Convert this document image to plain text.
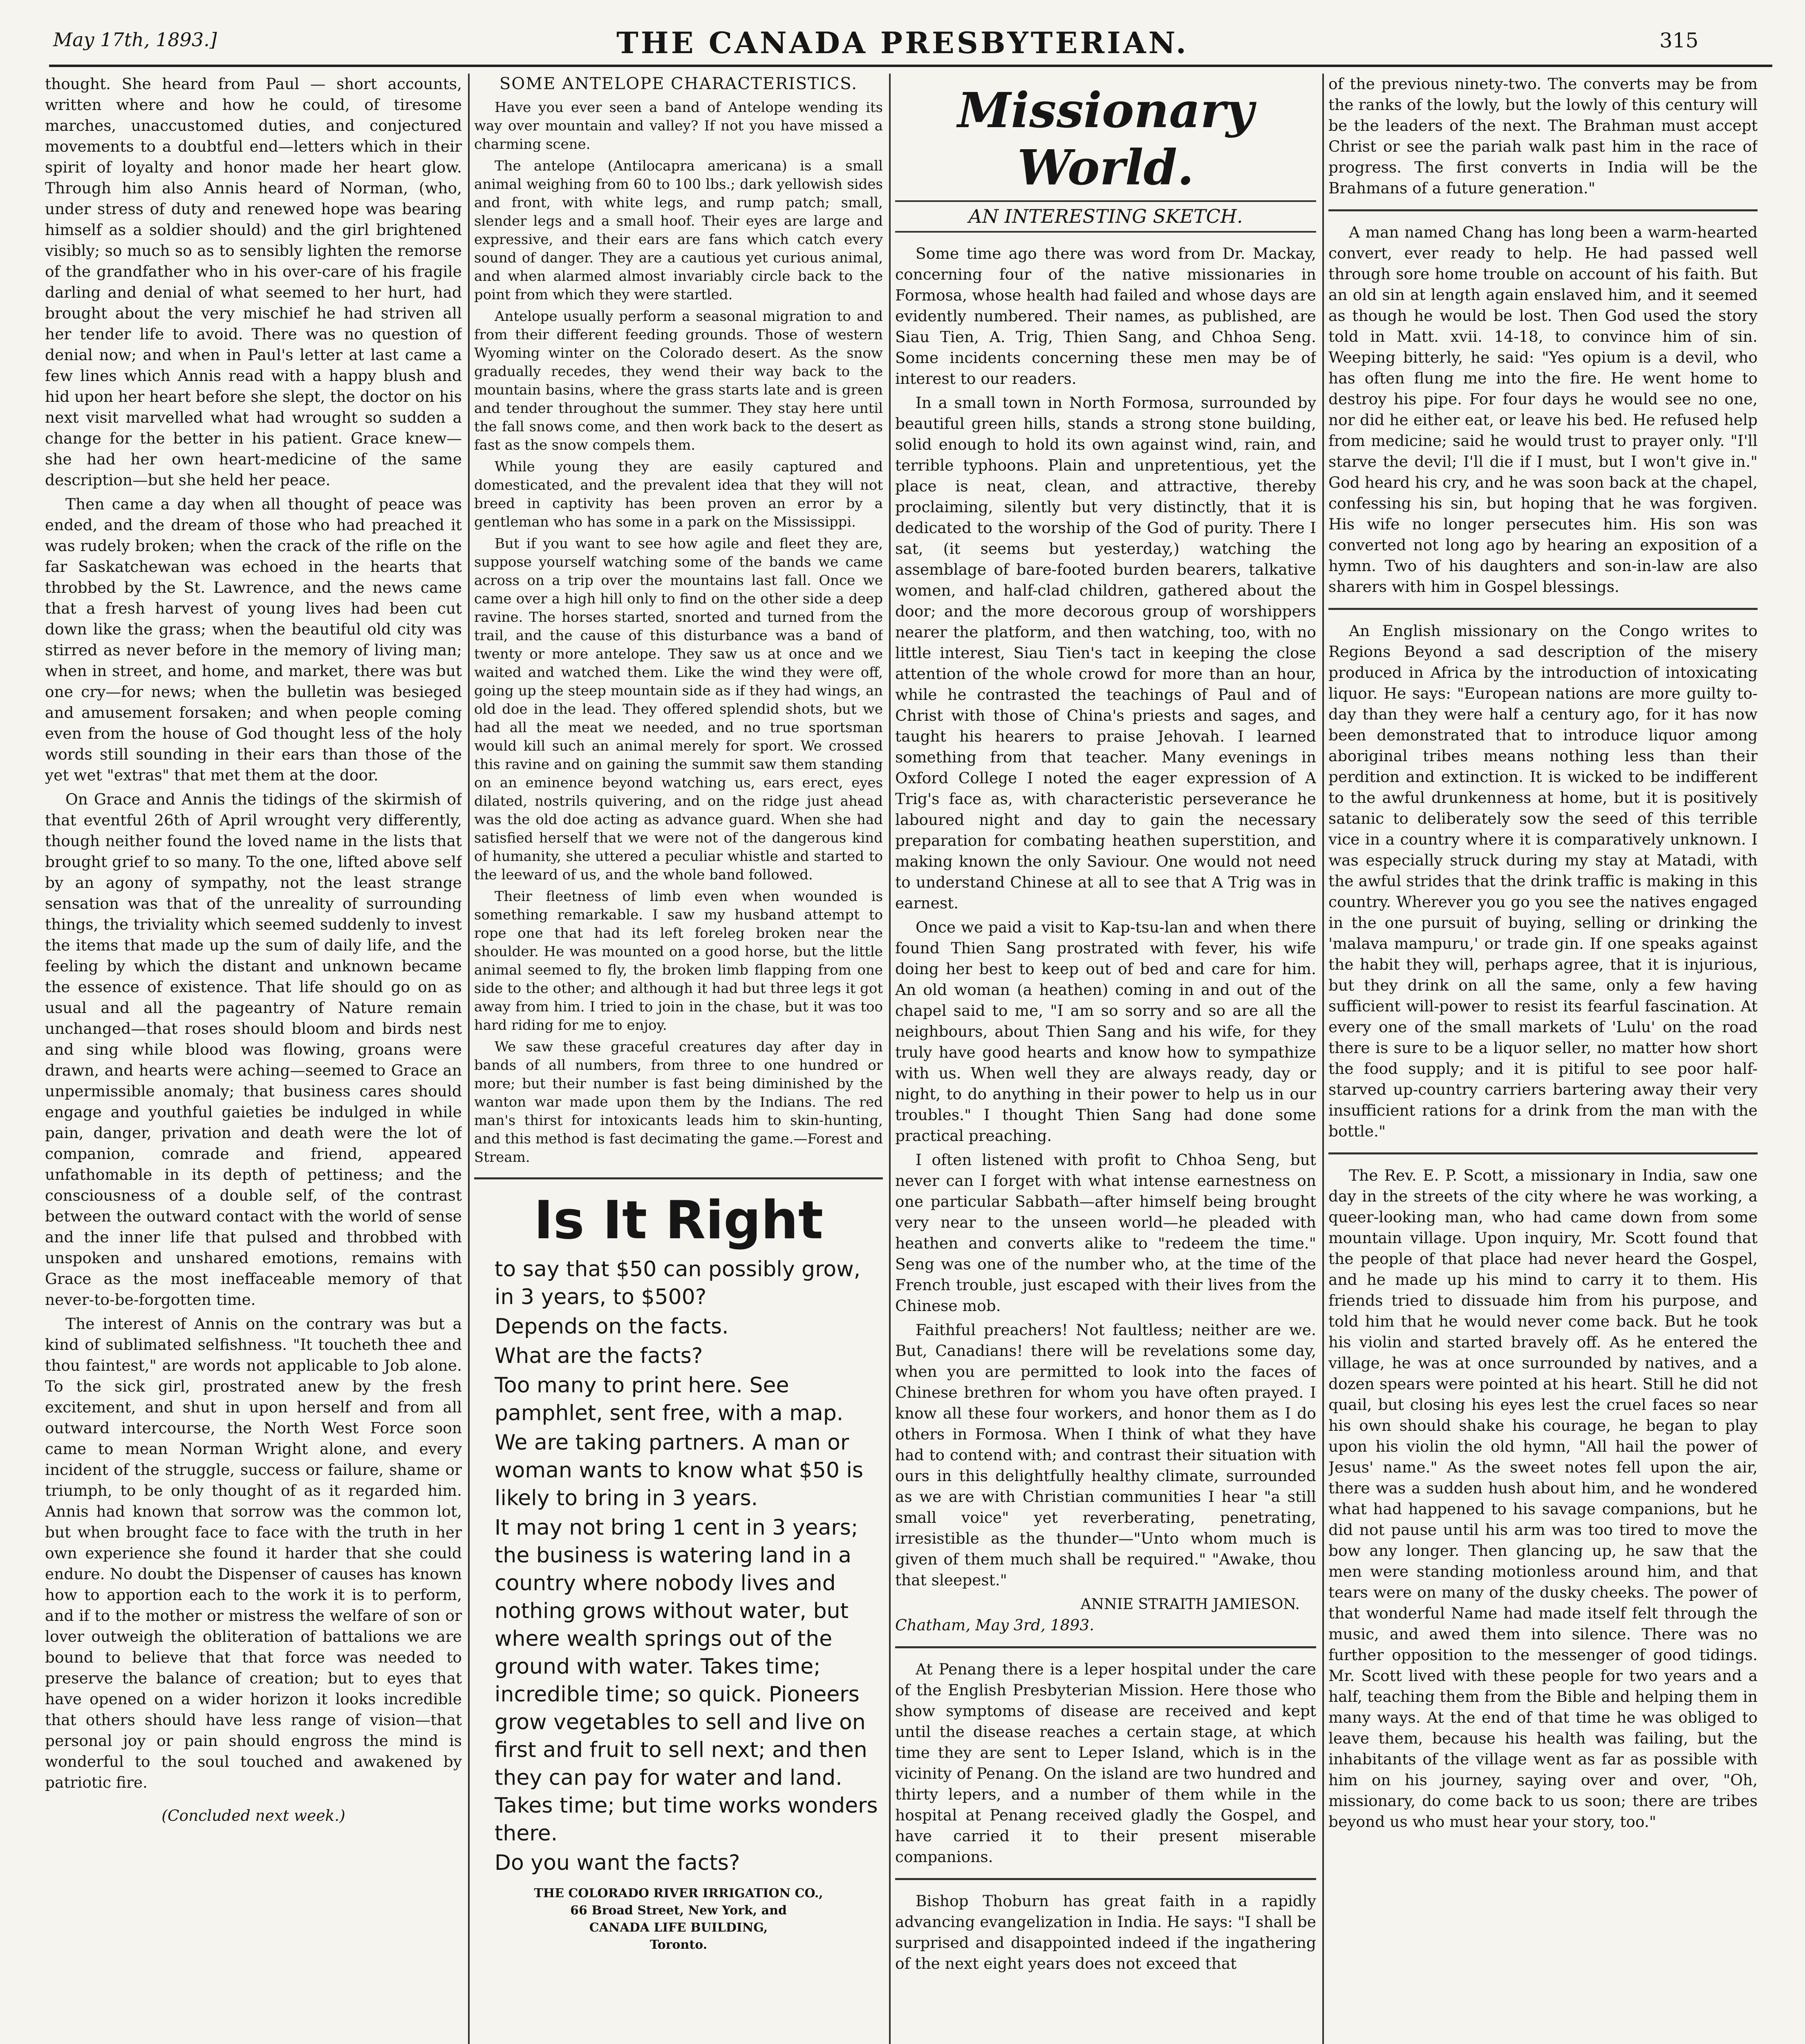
May 17th, 1893.]	THE CANADA PRESBYTERIAN.	315

thought. She heard from Paul — short accounts, written where and how he could, of tiresome marches, unaccustomed duties, and conjectured movements to a doubtful end—letters which in their spirit of loyalty and honor made her heart glow. Through him also Annis heard of Norman, (who, under stress of duty and renewed hope was bearing himself as a soldier should) and the girl brightened visibly; so much so as to sensibly lighten the remorse of the grandfather who in his over-care of his fragile darling and denial of what seemed to her hurt, had brought about the very mischief he had striven all her tender life to avoid. There was no question of denial now; and when in Paul's letter at last came a few lines which Annis read with a happy blush and hid upon her heart before she slept, the doctor on his next visit marvelled what had wrought so sudden a change for the better in his patient. Grace knew—she had her own heart-medicine of the same description—but she held her peace.

Then came a day when all thought of peace was ended, and the dream of those who had preached it was rudely broken; when the crack of the rifle on the far Saskatchewan was echoed in the hearts that throbbed by the St. Lawrence, and the news came that a fresh harvest of young lives had been cut down like the grass; when the beautiful old city was stirred as never before in the memory of living man; when in street, and home, and market, there was but one cry—for news; when the bulletin was besieged and amusement forsaken; and when people coming even from the house of God thought less of the holy words still sounding in their ears than those of the yet wet "extras" that met them at the door.

On Grace and Annis the tidings of the skirmish of that eventful 26th of April wrought very differently, though neither found the loved name in the lists that brought grief to so many. To the one, lifted above self by an agony of sympathy, not the least strange sensation was that of the unreality of surrounding things, the triviality which seemed suddenly to invest the items that made up the sum of daily life, and the feeling by which the distant and unknown became the essence of existence. That life should go on as usual and all the pageantry of Nature remain unchanged—that roses should bloom and birds nest and sing while blood was flowing, groans were drawn, and hearts were aching—seemed to Grace an unpermissible anomaly; that business cares should engage and youthful gaieties be indulged in while pain, danger, privation and death were the lot of companion, comrade and friend, appeared unfathomable in its depth of pettiness; and the consciousness of a double self, of the contrast between the outward contact with the world of sense and the inner life that pulsed and throbbed with unspoken and unshared emotions, remains with Grace as the most ineffaceable memory of that never-to-be-forgotten time.

The interest of Annis on the contrary was but a kind of sublimated selfishness. "It toucheth thee and thou faintest," are words not applicable to Job alone. To the sick girl, prostrated anew by the fresh excitement, and shut in upon herself and from all outward intercourse, the North West Force soon came to mean Norman Wright alone, and every incident of the struggle, success or failure, shame or triumph, to be only thought of as it regarded him. Annis had known that sorrow was the common lot, but when brought face to face with the truth in her own experience she found it harder that she could endure. No doubt the Dispenser of causes has known how to apportion each to the work it is to perform, and if to the mother or mistress the welfare of son or lover outweigh the obliteration of battalions we are bound to believe that that force was needed to preserve the balance of creation; but to eyes that have opened on a wider horizon it looks incredible that others should have less range of vision—that personal joy or pain should engross the mind is wonderful to the soul touched and awakened by patriotic fire.

(Concluded next week.)
SOME ANTELOPE CHARACTERISTICS.

Have you ever seen a band of Antelope wending its way over mountain and valley? If not you have missed a charming scene.

The antelope (Antilocapra americana) is a small animal weighing from 60 to 100 lbs.; dark yellowish sides and front, with white legs, and rump patch; small, slender legs and a small hoof. Their eyes are large and expressive, and their ears are fans which catch every sound of danger. They are a cautious yet curious animal, and when alarmed almost invariably circle back to the point from which they were startled.

Antelope usually perform a seasonal migration to and from their different feeding grounds. Those of western Wyoming winter on the Colorado desert. As the snow gradually recedes, they wend their way back to the mountain basins, where the grass starts late and is green and tender throughout the summer. They stay here until the fall snows come, and then work back to the desert as fast as the snow compels them.

While young they are easily captured and domesticated, and the prevalent idea that they will not breed in captivity has been proven an error by a gentleman who has some in a park on the Mississippi.

But if you want to see how agile and fleet they are, suppose yourself watching some of the bands we came across on a trip over the mountains last fall. Once we came over a high hill only to find on the other side a deep ravine. The horses started, snorted and turned from the trail, and the cause of this disturbance was a band of twenty or more antelope. They saw us at once and we waited and watched them. Like the wind they were off, going up the steep mountain side as if they had wings, an old doe in the lead. They offered splendid shots, but we had all the meat we needed, and no true sportsman would kill such an animal merely for sport. We crossed this ravine and on gaining the summit saw them standing on an eminence beyond watching us, ears erect, eyes dilated, nostrils quivering, and on the ridge just ahead was the old doe acting as advance guard. When she had satisfied herself that we were not of the dangerous kind of humanity, she uttered a peculiar whistle and started to the leeward of us, and the whole band followed.

Their fleetness of limb even when wounded is something remarkable. I saw my husband attempt to rope one that had its left foreleg broken near the shoulder. He was mounted on a good horse, but the little animal seemed to fly, the broken limb flapping from one side to the other; and although it had but three legs it got away from him. I tried to join in the chase, but it was too hard riding for me to enjoy.

We saw these graceful creatures day after day in bands of all numbers, from three to one hundred or more; but their number is fast being diminished by the wanton war made upon them by the Indians. The red man's thirst for intoxicants leads him to skin-hunting, and this method is fast decimating the game.—Forest and Stream.

Is It Right

to say that $50 can possibly grow, in 3 years, to $500?

Depends on the facts.

What are the facts?

Too many to print here. See pamphlet, sent free, with a map.

We are taking partners. A man or woman wants to know what $50 is likely to bring in 3 years.

It may not bring 1 cent in 3 years; the business is watering land in a country where nobody lives and nothing grows without water, but where wealth springs out of the ground with water. Takes time; incredible time; so quick. Pioneers grow vegetables to sell and live on first and fruit to sell next; and then they can pay for water and land. Takes time; but time works wonders there.

Do you want the facts?

THE COLORADO RIVER IRRIGATION CO.,
66 Broad Street, New York, and
CANADA LIFE BUILDING,
Toronto.
Missionary World.
AN INTERESTING SKETCH.

Some time ago there was word from Dr. Mackay, concerning four of the native missionaries in Formosa, whose health had failed and whose days are evidently numbered. Their names, as published, are Siau Tien, A. Trig, Thien Sang, and Chhoa Seng. Some incidents concerning these men may be of interest to our readers.

In a small town in North Formosa, surrounded by beautiful green hills, stands a strong stone building, solid enough to hold its own against wind, rain, and terrible typhoons. Plain and unpretentious, yet the place is neat, clean, and attractive, thereby proclaiming, silently but very distinctly, that it is dedicated to the worship of the God of purity. There I sat, (it seems but yesterday,) watching the assemblage of bare-footed burden bearers, talkative women, and half-clad children, gathered about the door; and the more decorous group of worshippers nearer the platform, and then watching, too, with no little interest, Siau Tien's tact in keeping the close attention of the whole crowd for more than an hour, while he contrasted the teachings of Paul and of Christ with those of China's priests and sages, and taught his hearers to praise Jehovah. I learned something from that teacher. Many evenings in Oxford College I noted the eager expression of A Trig's face as, with characteristic perseverance he laboured night and day to gain the necessary preparation for combating heathen superstition, and making known the only Saviour. One would not need to understand Chinese at all to see that A Trig was in earnest.

Once we paid a visit to Kap-tsu-lan and when there found Thien Sang prostrated with fever, his wife doing her best to keep out of bed and care for him. An old woman (a heathen) coming in and out of the chapel said to me, "I am so sorry and so are all the neighbours, about Thien Sang and his wife, for they truly have good hearts and know how to sympathize with us. When well they are always ready, day or night, to do anything in their power to help us in our troubles." I thought Thien Sang had done some practical preaching.

I often listened with profit to Chhoa Seng, but never can I forget with what intense earnestness on one particular Sabbath—after himself being brought very near to the unseen world—he pleaded with heathen and converts alike to "redeem the time." Seng was one of the number who, at the time of the French trouble, just escaped with their lives from the Chinese mob.

Faithful preachers! Not faultless; neither are we. But, Canadians! there will be revelations some day, when you are permitted to look into the faces of Chinese brethren for whom you have often prayed. I know all these four workers, and honor them as I do others in Formosa. When I think of what they have had to contend with; and contrast their situation with ours in this delightfully healthy climate, surrounded as we are with Christian communities I hear "a still small voice" yet reverberating, penetrating, irresistible as the thunder—"Unto whom much is given of them much shall be required." "Awake, thou that sleepest."

ANNIE STRAITH JAMIESON.
Chatham, May 3rd, 1893.

At Penang there is a leper hospital under the care of the English Presbyterian Mission. Here those who show symptoms of disease are received and kept until the disease reaches a certain stage, at which time they are sent to Leper Island, which is in the vicinity of Penang. On the island are two hundred and thirty lepers, and a number of them while in the hospital at Penang received gladly the Gospel, and have carried it to their present miserable companions.

Bishop Thoburn has great faith in a rapidly advancing evangelization in India. He says: "I shall be surprised and disappointed indeed if the ingathering of the next eight years does not exceed that

of the previous ninety-two. The converts may be from the ranks of the lowly, but the lowly of this century will be the leaders of the next. The Brahman must accept Christ or see the pariah walk past him in the race of progress. The first converts in India will be the Brahmans of a future generation."

A man named Chang has long been a warm-hearted convert, ever ready to help. He had passed well through sore home trouble on account of his faith. But an old sin at length again enslaved him, and it seemed as though he would be lost. Then God used the story told in Matt. xvii. 14-18, to convince him of sin. Weeping bitterly, he said: "Yes opium is a devil, who has often flung me into the fire. He went home to destroy his pipe. For four days he would see no one, nor did he either eat, or leave his bed. He refused help from medicine; said he would trust to prayer only. "I'll starve the devil; I'll die if I must, but I won't give in." God heard his cry, and he was soon back at the chapel, confessing his sin, but hoping that he was forgiven. His wife no longer persecutes him. His son was converted not long ago by hearing an exposition of a hymn. Two of his daughters and son-in-law are also sharers with him in Gospel blessings.

An English missionary on the Congo writes to Regions Beyond a sad description of the misery produced in Africa by the introduction of intoxicating liquor. He says: "European nations are more guilty to-day than they were half a century ago, for it has now been demonstrated that to introduce liquor among aboriginal tribes means nothing less than their perdition and extinction. It is wicked to be indifferent to the awful drunkenness at home, but it is positively satanic to deliberately sow the seed of this terrible vice in a country where it is comparatively unknown. I was especially struck during my stay at Matadi, with the awful strides that the drink traffic is making in this country. Wherever you go you see the natives engaged in the one pursuit of buying, selling or drinking the 'malava mampuru,' or trade gin. If one speaks against the habit they will, perhaps agree, that it is injurious, but they drink on all the same, only a few having sufficient will-power to resist its fearful fascination. At every one of the small markets of 'Lulu' on the road there is sure to be a liquor seller, no matter how short the food supply; and it is pitiful to see poor half-starved up-country carriers bartering away their very insufficient rations for a drink from the man with the bottle."

The Rev. E. P. Scott, a missionary in India, saw one day in the streets of the city where he was working, a queer-looking man, who had came down from some mountain village. Upon inquiry, Mr. Scott found that the people of that place had never heard the Gospel, and he made up his mind to carry it to them. His friends tried to dissuade him from his purpose, and told him that he would never come back. But he took his violin and started bravely off. As he entered the village, he was at once surrounded by natives, and a dozen spears were pointed at his heart. Still he did not quail, but closing his eyes lest the cruel faces so near his own should shake his courage, he began to play upon his violin the old hymn, "All hail the power of Jesus' name." As the sweet notes fell upon the air, there was a sudden hush about him, and he wondered what had happened to his savage companions, but he did not pause until his arm was too tired to move the bow any longer. Then glancing up, he saw that the men were standing motionless around him, and that tears were on many of the dusky cheeks. The power of that wonderful Name had made itself felt through the music, and awed them into silence. There was no further opposition to the messenger of good tidings. Mr. Scott lived with these people for two years and a half, teaching them from the Bible and helping them in many ways. At the end of that time he was obliged to leave them, because his health was failing, but the inhabitants of the village went as far as possible with him on his journey, saying over and over, "Oh, missionary, do come back to us soon; there are tribes beyond us who must hear your story, too."
